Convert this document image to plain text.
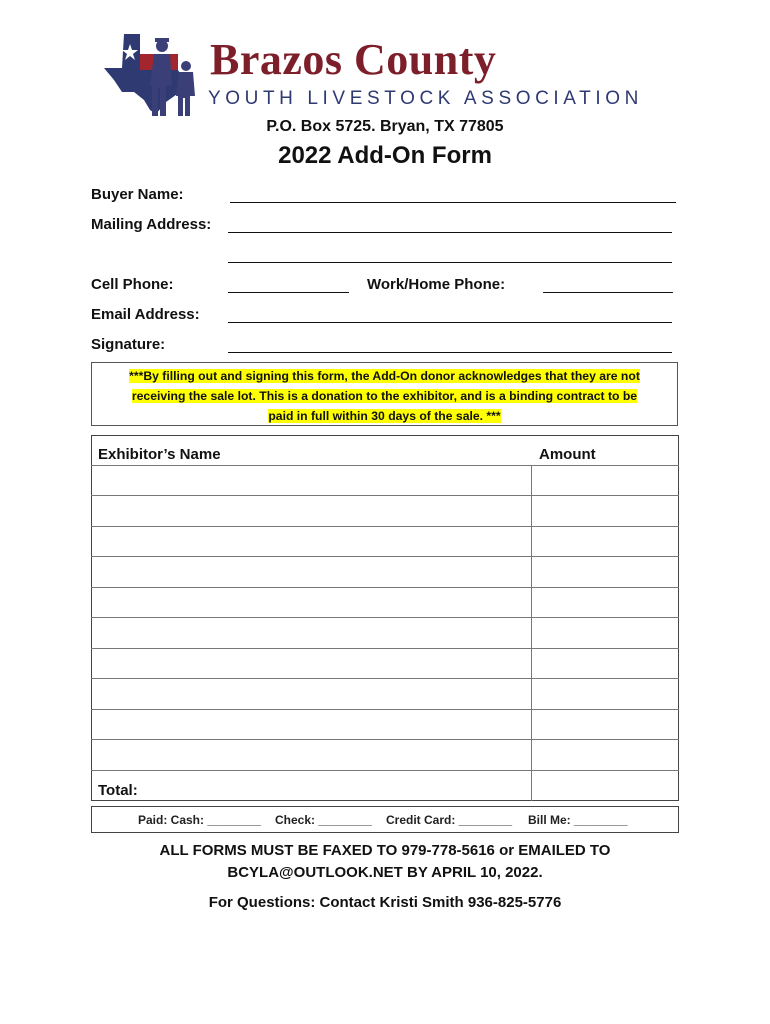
Brazos County
YOUTH LIVESTOCK ASSOCIATION
P.O. Box 5725. Bryan, TX 77805
2022 Add-On Form
Buyer Name:
Mailing Address:
Cell Phone:	Work/Home Phone:
Email Address:
Signature:
***By filling out and signing this form, the Add-On donor acknowledges that they are not
receiving the sale lot. This is a donation to the exhibitor, and is a binding contract to be
paid in full within 30 days of the sale. ***
Exhibitor’s Name	Amount
Total:
Paid: Cash: ________ Check: ________ Credit Card: ________ Bill Me: ________
ALL FORMS MUST BE FAXED TO 979-778-5616 or EMAILED TO
BCYLA@OUTLOOK.NET BY APRIL 10, 2022.
For Questions: Contact Kristi Smith 936-825-5776
